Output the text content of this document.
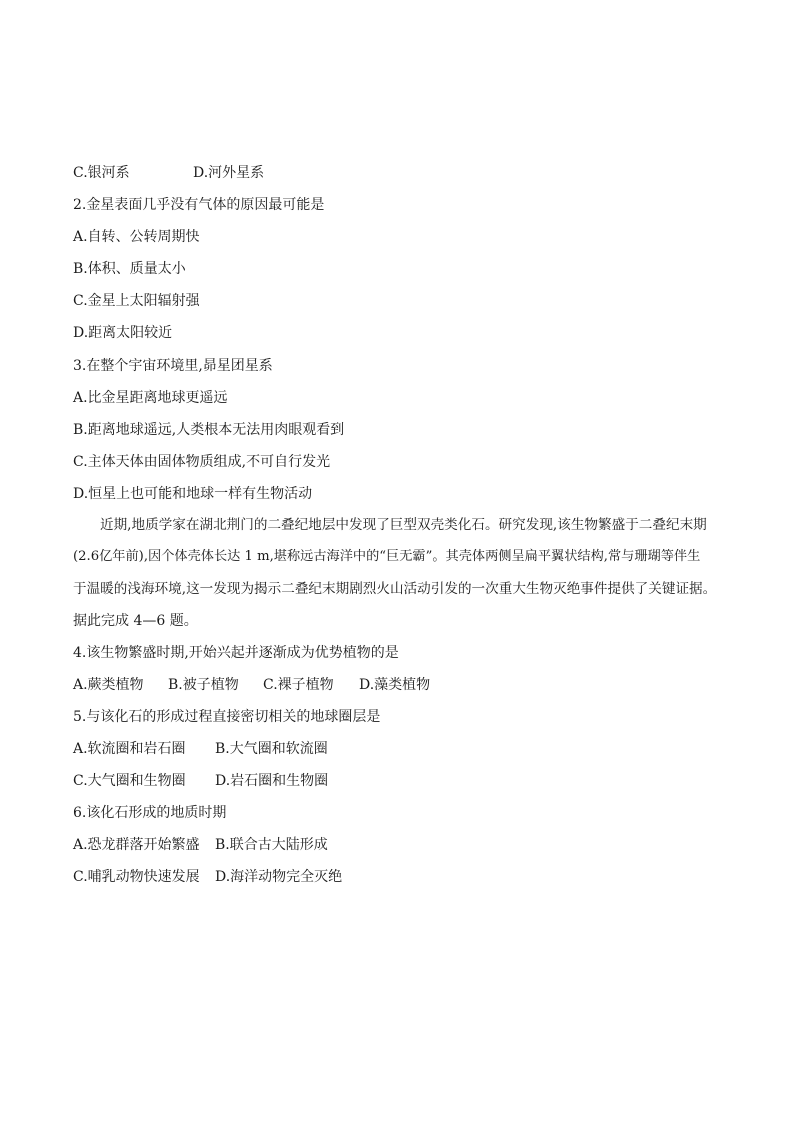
C.银河系	D.河外星系
2.金星表面几乎没有气体的原因最可能是
A.自转、公转周期快
B.体积、质量太小
C.金星上太阳辐射强
D.距离太阳较近
3.在整个宇宙环境里,昴星团星系
A.比金星距离地球更遥远
B.距离地球遥远,人类根本无法用肉眼观看到
C.主体天体由固体物质组成,不可自行发光
D.恒星上也可能和地球一样有生物活动
近期,地质学家在湖北荆门的二叠纪地层中发现了巨型双壳类化石。研究发现,该生物繁盛于二叠纪末期
(2.6亿年前),因个体壳体长达 1 m,堪称远古海洋中的“巨无霸”。其壳体两侧呈扁平翼状结构,常与珊瑚等伴生
于温暖的浅海环境,这一发现为揭示二叠纪末期剧烈火山活动引发的一次重大生物灭绝事件提供了关键证据。
据此完成 4—6 题。
4.该生物繁盛时期,开始兴起并逐渐成为优势植物的是
A.蕨类植物 B.被子植物 C.裸子植物 D.藻类植物
5.与该化石的形成过程直接密切相关的地球圈层是
A.软流圈和岩石圈 B.大气圈和软流圈
C.大气圈和生物圈 D.岩石圈和生物圈
6.该化石形成的地质时期
A.恐龙群落开始繁盛 B.联合古大陆形成
C.哺乳动物快速发展 D.海洋动物完全灭绝
